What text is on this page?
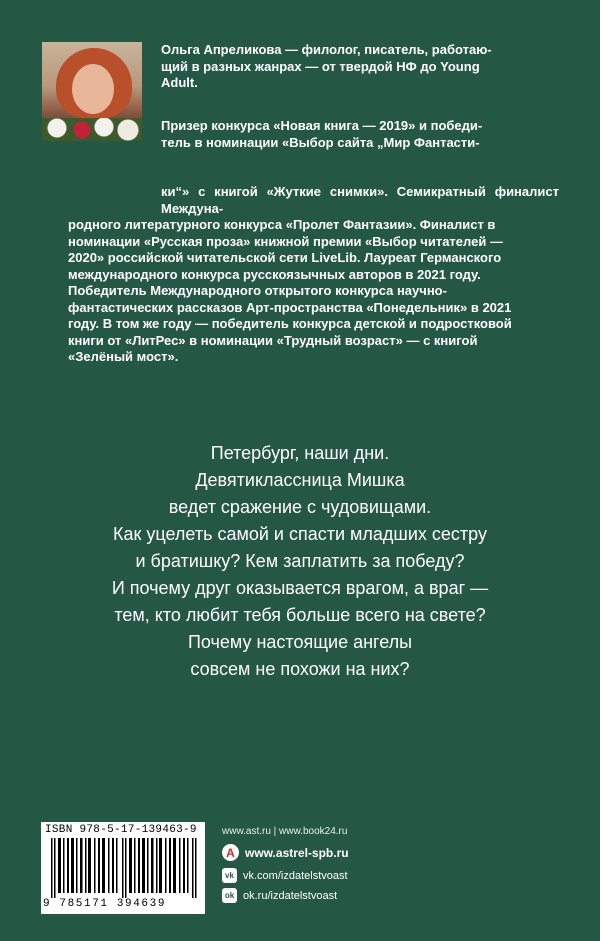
Ольга Апреликова — филолог, писатель, работаю-
щий в разных жанрах — от твердой НФ до Young
Adult.
Призер конкурса «Новая книга — 2019» и победи-
тель в номинации «Выбор сайта „Мир Фантасти-
ки“» с книгой «Жуткие снимки». Семикратный финалист Междуна-
родного литературного конкурса «Пролет Фантазии». Финалист в
номинации «Русская проза» книжной премии «Выбор читателей —
2020» российской читательской сети LiveLib. Лауреат Германского
международного конкурса русскоязычных авторов в 2021 году.
Победитель Международного открытого конкурса научно-
фантастических рассказов Арт-пространства «Понедельник» в 2021
году. В том же году — победитель конкурса детской и подростковой
книги от «ЛитРес» в номинации «Трудный возраст» — с книгой
«Зелёный мост».
Петербург, наши дни.
Девятиклассница Мишка
ведет сражение с чудовищами.
Как уцелеть самой и спасти младших сестру
и братишку? Кем заплатить за победу?
И почему друг оказывается врагом, а враг —
тем, кто любит тебя больше всего на свете?
Почему настоящие ангелы
совсем не похожи на них?
ISBN 978-5-17-139463-9
9 785171 394639
www.ast.ru | www.book24.ru
A www.astrel-spb.ru
vk vk.com/izdatelstvoast
ok ok.ru/izdatelstvoast
